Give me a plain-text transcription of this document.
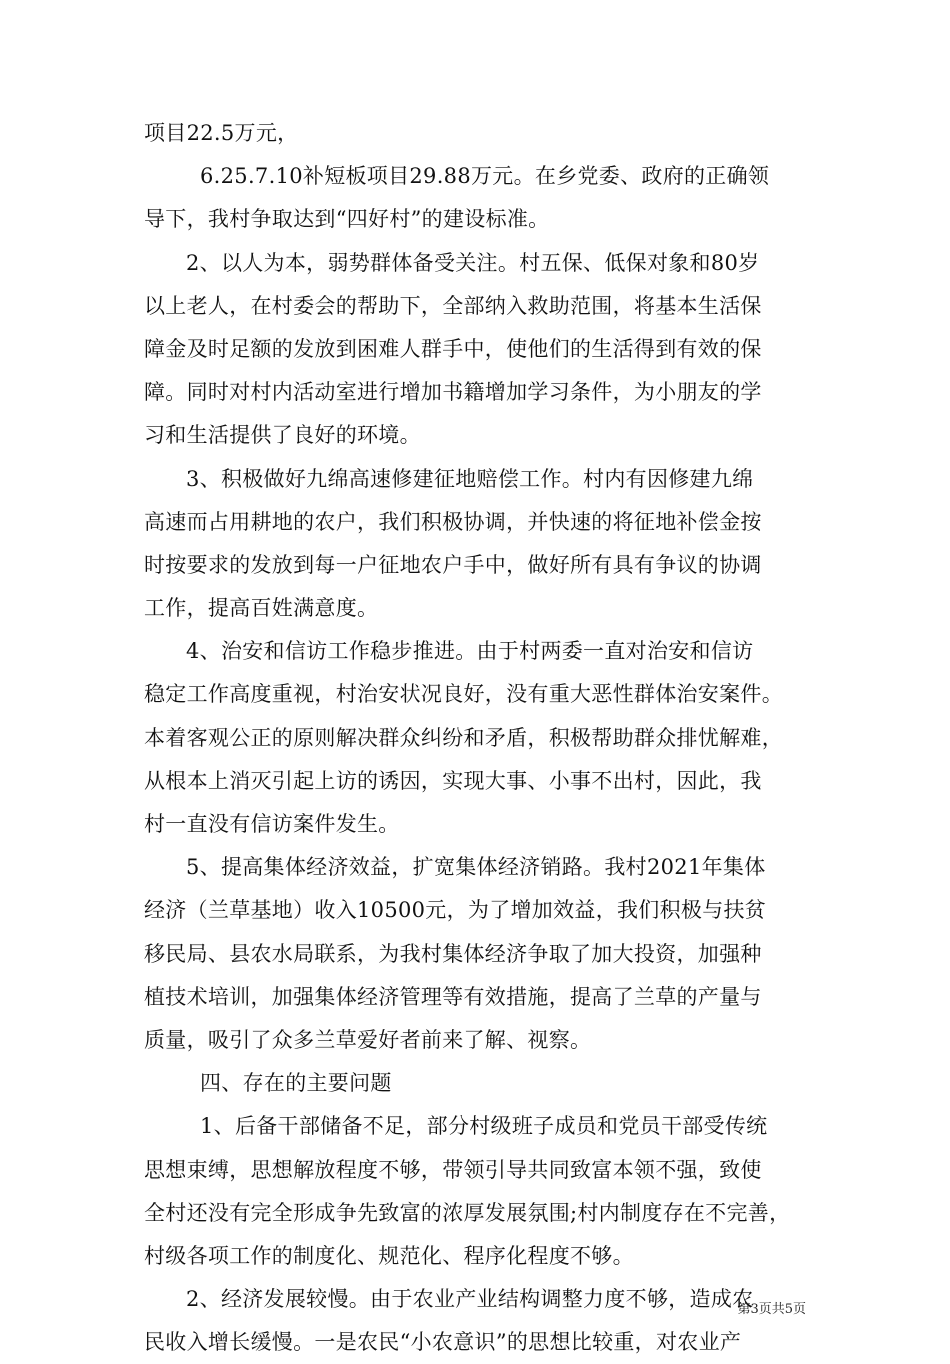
项目22.5万元，
6.25.7.10补短板项目29.88万元。在乡党委、政府的正确领
导下，我村争取达到“四好村”的建设标准。
2、以人为本，弱势群体备受关注。村五保、低保对象和80岁
以上老人，在村委会的帮助下，全部纳入救助范围，将基本生活保
障金及时足额的发放到困难人群手中，使他们的生活得到有效的保
障。同时对村内活动室进行增加书籍增加学习条件，为小朋友的学
习和生活提供了良好的环境。
3、积极做好九绵高速修建征地赔偿工作。村内有因修建九绵
高速而占用耕地的农户，我们积极协调，并快速的将征地补偿金按
时按要求的发放到每一户征地农户手中，做好所有具有争议的协调
工作，提高百姓满意度。
4、治安和信访工作稳步推进。由于村两委一直对治安和信访
稳定工作高度重视，村治安状况良好，没有重大恶性群体治安案件。
本着客观公正的原则解决群众纠纷和矛盾，积极帮助群众排忧解难，
从根本上消灭引起上访的诱因，实现大事、小事不出村，因此，我
村一直没有信访案件发生。
5、提高集体经济效益，扩宽集体经济销路。我村2021年集体
经济（兰草基地）收入10500元，为了增加效益，我们积极与扶贫
移民局、县农水局联系，为我村集体经济争取了加大投资，加强种
植技术培训，加强集体经济管理等有效措施，提高了兰草的产量与
质量，吸引了众多兰草爱好者前来了解、视察。
四、存在的主要问题
1、后备干部储备不足，部分村级班子成员和党员干部受传统
思想束缚，思想解放程度不够，带领引导共同致富本领不强，致使
全村还没有完全形成争先致富的浓厚发展氛围;村内制度存在不完善，
村级各项工作的制度化、规范化、程序化程度不够。
2、经济发展较慢。由于农业产业结构调整力度不够，造成农
民收入增长缓慢。一是农民“小农意识”的思想比较重，对农业产
第3页共5页
